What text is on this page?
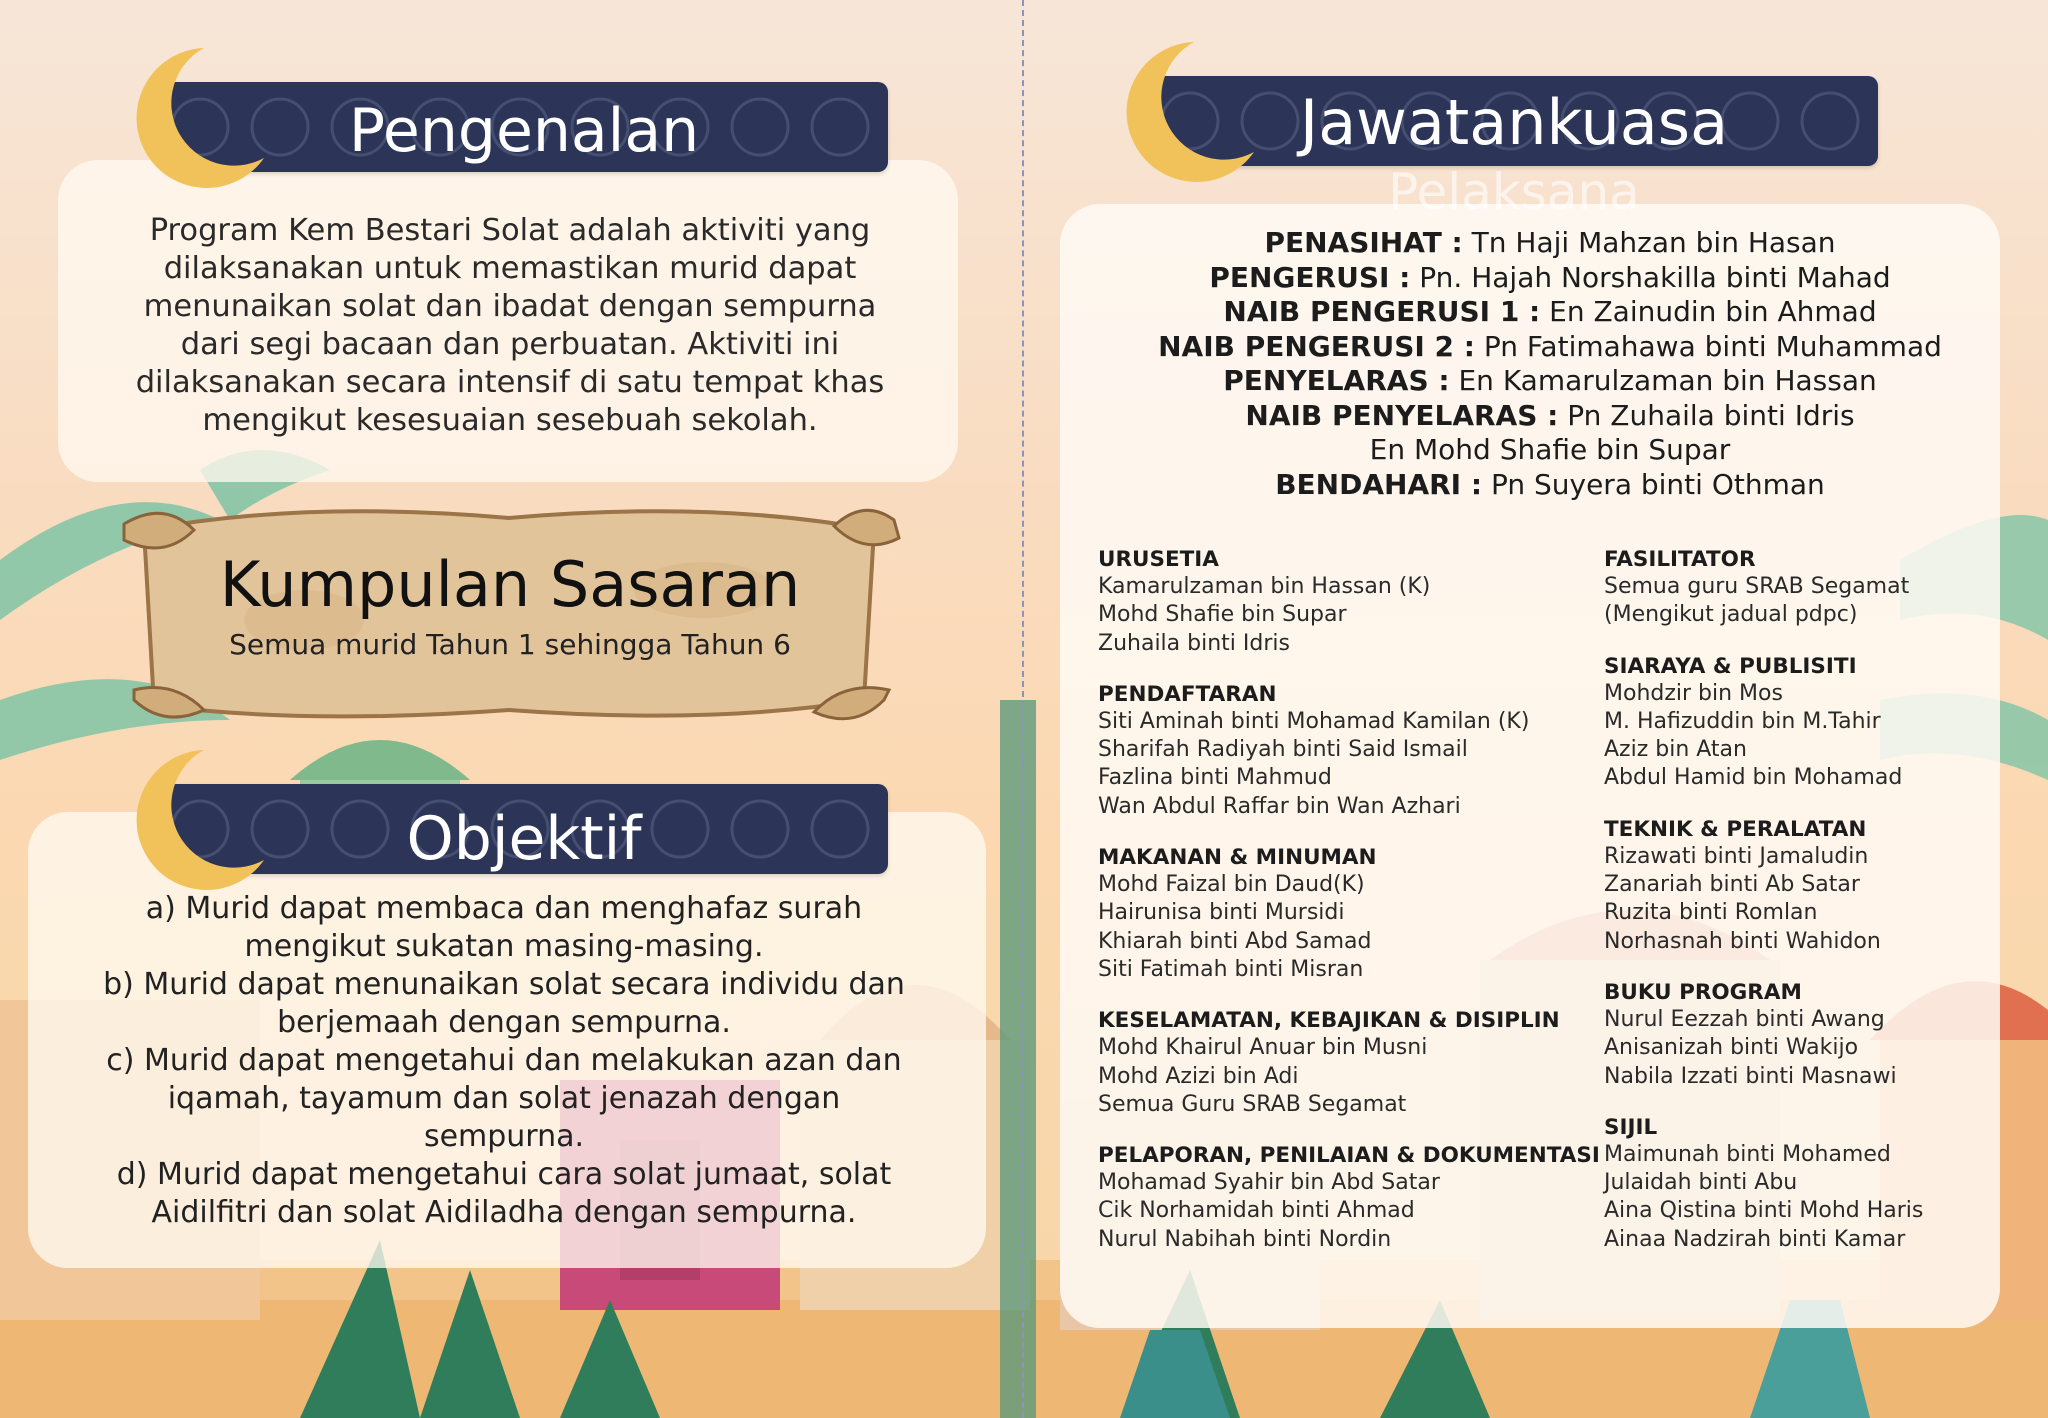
Pengenalan

Program Kem Bestari Solat adalah aktiviti yang

dilaksanakan untuk memastikan murid dapat

menunaikan solat dan ibadat dengan sempurna

dari segi bacaan dan perbuatan. Aktiviti ini

dilaksanakan secara intensif di satu tempat khas

mengikut kesesuaian sesebuah sekolah.

Kumpulan Sasaran
Semua murid Tahun 1 sehingga Tahun 6
Objektif

a) Murid dapat membaca dan menghafaz surah

mengikut sukatan masing-masing.

b) Murid dapat menunaikan solat secara individu dan

berjemaah dengan sempurna.

c) Murid dapat mengetahui dan melakukan azan dan

iqamah, tayamum dan solat jenazah dengan

sempurna.

d) Murid dapat mengetahui cara solat jumaat, solat

Aidilfitri dan solat Aidiladha dengan sempurna.

Jawatankuasa
Pelaksana
PENASIHAT : Tn Haji Mahzan bin Hasan
PENGERUSI : Pn. Hajah Norshakilla binti Mahad
NAIB PENGERUSI 1 : En Zainudin bin Ahmad
NAIB PENGERUSI 2 : Pn Fatimahawa binti Muhammad
PENYELARAS : En Kamarulzaman bin Hassan
NAIB PENYELARAS : Pn Zuhaila binti Idris
En Mohd Shafie bin Supar
BENDAHARI : Pn Suyera binti Othman
URUSETIA
Kamarulzaman bin Hassan (K)
Mohd Shafie bin Supar
Zuhaila binti Idris
PENDAFTARAN
Siti Aminah binti Mohamad Kamilan (K)
Sharifah Radiyah binti Said Ismail
Fazlina binti Mahmud
Wan Abdul Raffar bin Wan Azhari
MAKANAN & MINUMAN
Mohd Faizal bin Daud(K)
Hairunisa binti Mursidi
Khiarah binti Abd Samad
Siti Fatimah binti Misran
KESELAMATAN, KEBAJIKAN & DISIPLIN
Mohd Khairul Anuar bin Musni
Mohd Azizi bin Adi
Semua Guru SRAB Segamat
PELAPORAN, PENILAIAN & DOKUMENTASI
Mohamad Syahir bin Abd Satar
Cik Norhamidah binti Ahmad
Nurul Nabihah binti Nordin
FASILITATOR
Semua guru SRAB Segamat
(Mengikut jadual pdpc)
SIARAYA & PUBLISITI
Mohdzir bin Mos
M. Hafizuddin bin M.Tahir
Aziz bin Atan
Abdul Hamid bin Mohamad
TEKNIK & PERALATAN
Rizawati binti Jamaludin
Zanariah binti Ab Satar
Ruzita binti Romlan
Norhasnah binti Wahidon
BUKU PROGRAM
Nurul Eezzah binti Awang
Anisanizah binti Wakijo
Nabila Izzati binti Masnawi
SIJIL
Maimunah binti Mohamed
Julaidah binti Abu
Aina Qistina binti Mohd Haris
Ainaa Nadzirah binti Kamar
